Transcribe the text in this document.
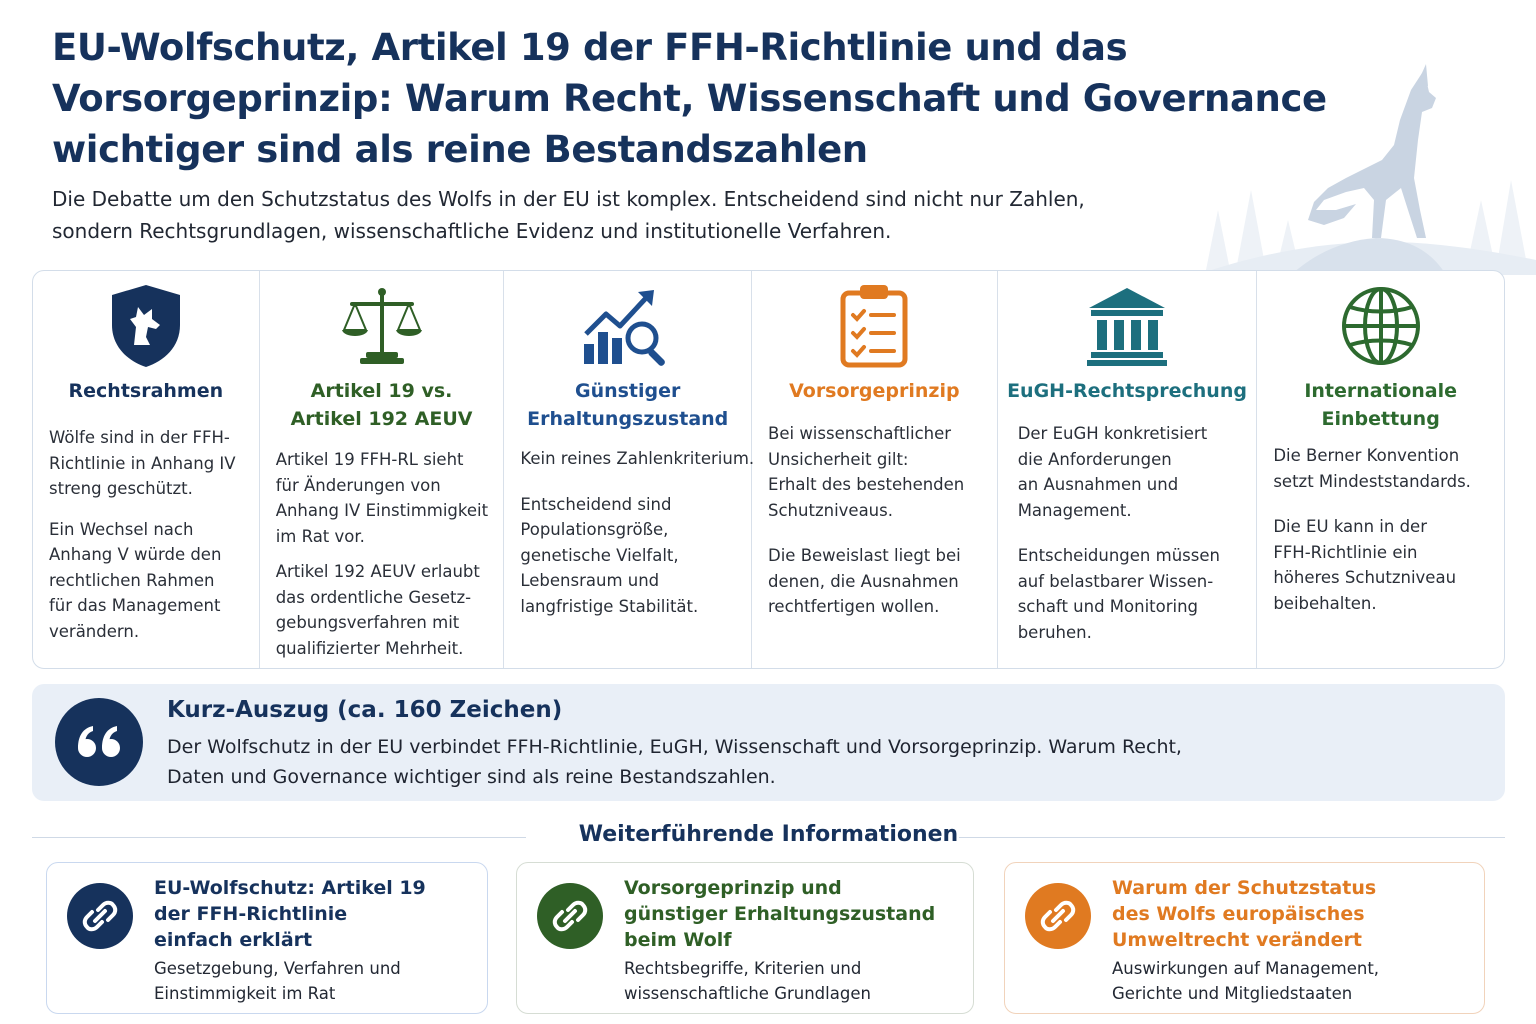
EU-Wolfschutz, Artikel 19 der FFH-Richtlinie und das
Vorsorgeprinzip: Warum Recht, Wissenschaft und Governance
wichtiger sind als reine Bestandszahlen
Die Debatte um den Schutzstatus des Wolfs in der EU ist komplex. Entscheidend sind nicht nur Zahlen,
sondern Rechtsgrundlagen, wissenschaftliche Evidenz und institutionelle Verfahren.
Rechtsrahmen

Wölfe sind in der FFH-
Richtlinie in Anhang IV
streng geschützt.

Ein Wechsel nach
Anhang V würde den
rechtlichen Rahmen
für das Management
verändern.

Artikel 19 vs.
Artikel 192 AEUV

Artikel 19 FFH-RL sieht
für Änderungen von
Anhang IV Einstimmigkeit
im Rat vor.

Artikel 192 AEUV erlaubt
das ordentliche Gesetz-
gebungsverfahren mit
qualifizierter Mehrheit.

Günstiger
Erhaltungszustand

Kein reines Zahlenkriterium.

Entscheidend sind
Populationsgröße,
genetische Vielfalt,
Lebensraum und
langfristige Stabilität.

Vorsorgeprinzip

Bei wissenschaftlicher
Unsicherheit gilt:
Erhalt des bestehenden
Schutzniveaus.

Die Beweislast liegt bei
denen, die Ausnahmen
rechtfertigen wollen.

EuGH-Rechtsprechung

Der EuGH konkretisiert
die Anforderungen
an Ausnahmen und
Management.

Entscheidungen müssen
auf belastbarer Wissen-
schaft und Monitoring
beruhen.

Internationale
Einbettung

Die Berner Konvention
setzt Mindeststandards.

Die EU kann in der
FFH-Richtlinie ein
höheres Schutzniveau
beibehalten.

Kurz-Auszug (ca. 160 Zeichen)
Der Wolfschutz in der EU verbindet FFH-Richtlinie, EuGH, Wissenschaft und Vorsorgeprinzip. Warum Recht,
Daten und Governance wichtiger sind als reine Bestandszahlen.
Weiterführende Informationen
EU-Wolfschutz: Artikel 19
der FFH-Richtlinie
einfach erklärt
Gesetzgebung, Verfahren und
Einstimmigkeit im Rat
Vorsorgeprinzip und
günstiger Erhaltungszustand
beim Wolf
Rechtsbegriffe, Kriterien und
wissenschaftliche Grundlagen
Warum der Schutzstatus
des Wolfs europäisches
Umweltrecht verändert
Auswirkungen auf Management,
Gerichte und Mitgliedstaaten
